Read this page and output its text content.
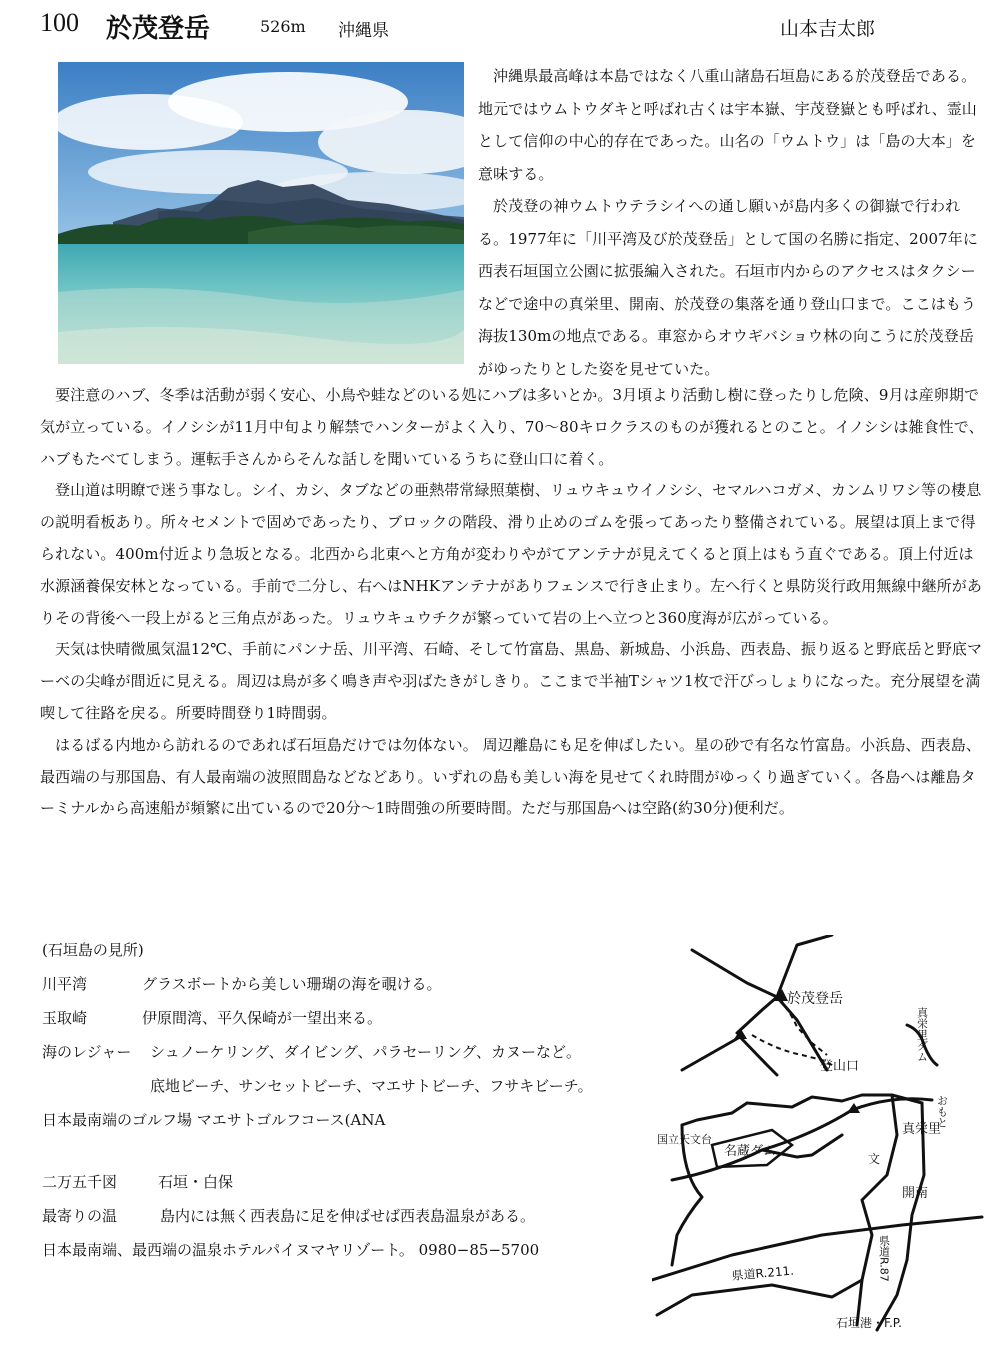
100 於茂登岳	526m 沖縄県	山本吉太郎

沖縄県最高峰は本島ではなく八重山諸島石垣島にある於茂登岳である。地元ではウムトウダキと呼ばれ古くは宇本嶽、宇茂登嶽とも呼ばれ、霊山として信仰の中心的存在であった。山名の「ウムトウ」は「島の大本」を意味する。

於茂登の神ウムトウテラシイへの通し願いが島内多くの御嶽で行われる。1977年に「川平湾及び於茂登岳」として国の名勝に指定、2007年に西表石垣国立公園に拡張編入された。石垣市内からのアクセスはタクシーなどで途中の真栄里、開南、於茂登の集落を通り登山口まで。ここはもう海抜130mの地点である。車窓からオウギバショウ林の向こうに於茂登岳がゆったりとした姿を見せていた。

要注意のハブ、冬季は活動が弱く安心、小鳥や蛙などのいる処にハブは多いとか。3月頃より活動し樹に登ったりし危険、9月は産卵期で気が立っている。イノシシが11月中旬より解禁でハンターがよく入り、70〜80キロクラスのものが獲れるとのこと。イノシシは雑食性で、ハブもたべてしまう。運転手さんからそんな話しを聞いているうちに登山口に着く。

登山道は明瞭で迷う事なし。シイ、カシ、タブなどの亜熱帯常緑照葉樹、リュウキュウイノシシ、セマルハコガメ、カンムリワシ等の棲息の説明看板あり。所々セメントで固めであったり、ブロックの階段、滑り止めのゴムを張ってあったり整備されている。展望は頂上まで得られない。400m付近より急坂となる。北西から北東へと方角が変わりやがてアンテナが見えてくると頂上はもう直ぐである。頂上付近は水源涵養保安林となっている。手前で二分し、右へはNHKアンテナがありフェンスで行き止まり。左へ行くと県防災行政用無線中継所がありその背後へ一段上がると三角点があった。リュウキュウチクが繁っていて岩の上へ立つと360度海が広がっている。

天気は快晴微風気温12℃、手前にパンナ岳、川平湾、石崎、そして竹富島、黒島、新城島、小浜島、西表島、振り返ると野底岳と野底マーベの尖峰が間近に見える。周辺は鳥が多く鳴き声や羽ばたきがしきり。ここまで半袖Tシャツ1枚で汗びっしょりになった。充分展望を満喫して往路を戻る。所要時間登り1時間弱。

はるばる内地から訪れるのであれば石垣島だけでは勿体ない。 周辺離島にも足を伸ばしたい。星の砂で有名な竹富島。小浜島、西表島、最西端の与那国島、有人最南端の波照間島などなどあり。いずれの島も美しい海を見せてくれ時間がゆっくり過ぎていく。各島へは離島ターミナルから高速船が頻繁に出ているので20分〜1時間強の所要時間。ただ与那国島へは空路(約30分)便利だ。

(石垣島の見所)
川平湾	グラスボートから美しい珊瑚の海を覗ける。
玉取崎	伊原間湾、平久保崎が一望出来る。
海のレジャー シュノーケリング、ダイビング、パラセーリング、カヌーなど。
底地ビーチ、サンセットビーチ、マエサトビーチ、フサキビーチ。
日本最南端のゴルフ場 マエサトゴルフコース(ANA
二万五千図	石垣・白保
最寄りの温	島内には無く西表島に足を伸ばせば西表島温泉がある。
日本最南端、最西端の温泉ホテルパイヌマヤリゾート。 0980−85−5700
於茂登岳
登山口
真栄里ダム
国立天文台
名蔵ダム
おもと
真栄里
文
開南
県道R.87
県道R.211.
石垣港・F.P.
